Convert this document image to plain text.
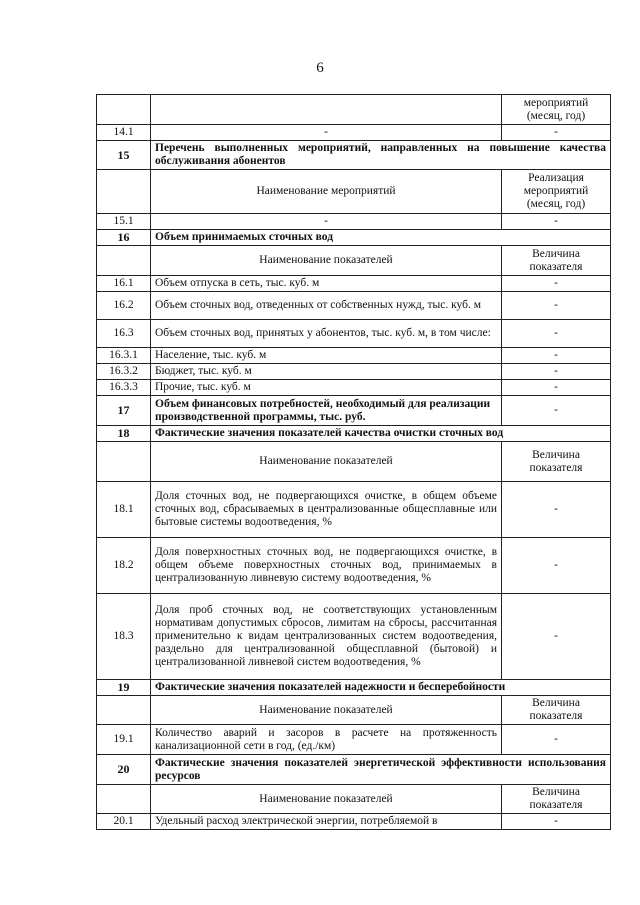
6
		мероприятий (месяц, год)
14.1	-	-
15	Перечень выполненных мероприятий, направленных на повышение качества обслуживания абонентов	
	Наименование мероприятий	Реализация мероприятий (месяц, год)
15.1	-	-
16	Объем принимаемых сточных вод	
	Наименование показателей	Величина показателя
16.1	Объем отпуска в сеть, тыс. куб. м	-
16.2	Объем сточных вод, отведенных от собственных нужд, тыс. куб. м	-
16.3	Объем сточных вод, принятых у абонентов, тыс. куб. м, в том числе:	-
16.3.1	Население, тыс. куб. м	-
16.3.2	Бюджет, тыс. куб. м	-
16.3.3	Прочие, тыс. куб. м	-
17	Объем финансовых потребностей, необходимый для реализации производственной программы, тыс. руб.	-
18	Фактические значения показателей качества очистки сточных вод	
	Наименование показателей	Величина показателя
18.1	Доля сточных вод, не подвергающихся очистке, в общем объеме сточных вод, сбрасываемых в централизованные общесплавные или бытовые системы водоотведения, %	-
18.2	Доля поверхностных сточных вод, не подвергающихся очистке, в общем объеме поверхностных сточных вод, принимаемых в централизованную ливневую систему водоотведения, %	-
18.3	Доля проб сточных вод, не соответствующих установленным нормативам допустимых сбросов, лимитам на сбросы, рассчитанная применительно к видам централизованных систем водоотведения, раздельно для централизованной общесплавной (бытовой) и централизованной ливневой систем водоотведения, %	-
19	Фактические значения показателей надежности и бесперебойности	
	Наименование показателей	Величина показателя
19.1	Количество аварий и засоров в расчете на протяженность канализационной сети в год, (ед./км)	-
20	Фактические значения показателей энергетической эффективности использования ресурсов	
	Наименование показателей	Величина показателя
20.1	Удельный расход электрической энергии, потребляемой в	-
